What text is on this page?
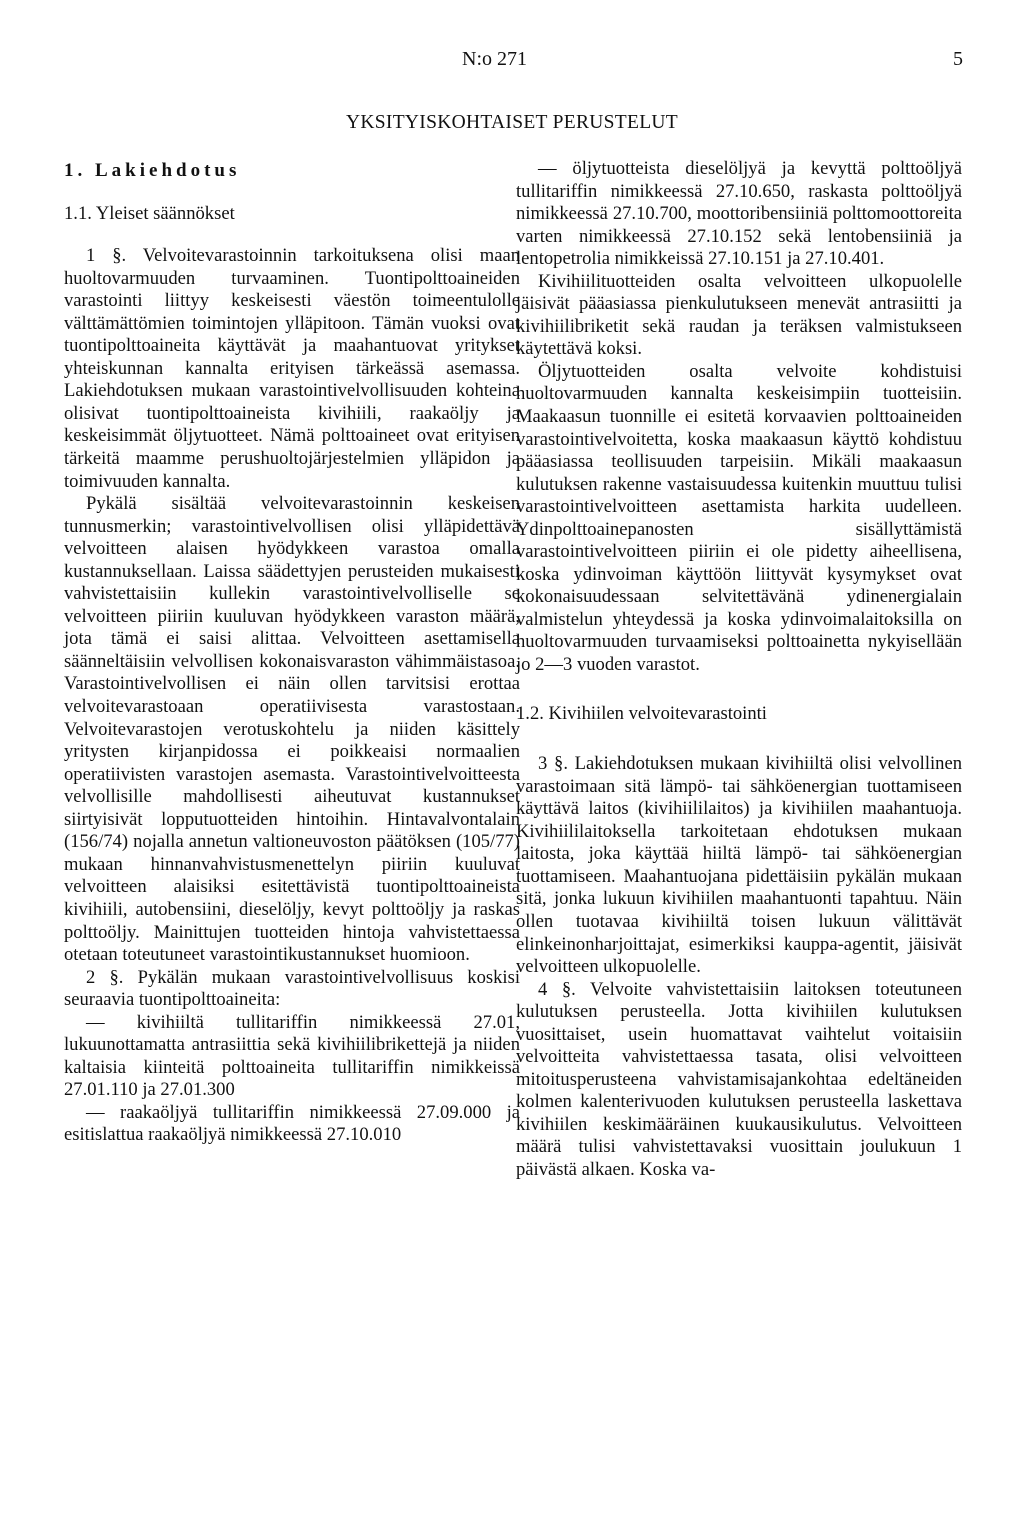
N:o 271	5
YKSITYISKOHTAISET PERUSTELUT
1. Lakiehdotus
1.1. Yleiset säännökset

1 §. Velvoitevarastoinnin tarkoituksena olisi maan huoltovarmuuden turvaaminen. Tuontipolttoaineiden varastointi liittyy keskeisesti väestön toimeentulolle välttämättömien toimintojen ylläpitoon. Tämän vuoksi ovat tuontipolttoaineita käyttävät ja maahantuovat yritykset yhteiskunnan kannalta erityisen tärkeässä asemassa. Lakiehdotuksen mukaan varastointivelvollisuuden kohteina olisivat tuontipolttoaineista kivihiili, raakaöljy ja keskeisimmät öljytuotteet. Nämä polttoaineet ovat erityisen tärkeitä maamme perushuoltojärjestelmien ylläpidon ja toimivuuden kannalta.

Pykälä sisältää velvoitevarastoinnin keskeisen tunnusmerkin; varastointivelvollisen olisi ylläpidettävä velvoitteen alaisen hyödykkeen varastoa omalla kustannuksellaan. Laissa säädettyjen perusteiden mukaisesti vahvistettaisiin kullekin varastointivelvolliselle se velvoitteen piiriin kuuluvan hyödykkeen varaston määrä, jota tämä ei saisi alittaa. Velvoitteen asettamisella säänneltäisiin velvollisen kokonaisvaraston vähimmäistasoa. Varastointivelvollisen ei näin ollen tarvitsisi erottaa velvoitevarastoaan operatiivisesta varastostaan. Velvoitevarastojen verotuskohtelu ja niiden käsittely yritysten kirjanpidossa ei poikkeaisi normaalien operatiivisten varastojen asemasta. Varastointivelvoitteesta velvollisille mahdollisesti aiheutuvat kustannukset siirtyisivät lopputuotteiden hintoihin. Hintavalvontalain (156/74) nojalla annetun valtioneuvoston päätöksen (105/77) mukaan hinnanvahvistusmenettelyn piiriin kuuluvat velvoitteen alaisiksi esitettävistä tuontipolttoaineista kivihiili, autobensiini, dieselöljy, kevyt polttoöljy ja raskas polttoöljy. Mainittujen tuotteiden hintoja vahvistettaessa otetaan toteutuneet varastointikustannukset huomioon.

2 §. Pykälän mukaan varastointivelvollisuus koskisi seuraavia tuontipolttoaineita:

— kivihiiltä tullitariffin nimikkeessä 27.01, lukuunottamatta antrasiittia sekä kivihiilibrikettejä ja niiden kaltaisia kiinteitä polttoaineita tullitariffin nimikkeissä 27.01.110 ja 27.01.300

— raakaöljyä tullitariffin nimikkeessä 27.09.000 ja esitislattua raakaöljyä nimikkeessä 27.10.010

— öljytuotteista dieselöljyä ja kevyttä polttoöljyä tullitariffin nimikkeessä 27.10.650, raskasta polttoöljyä nimikkeessä 27.10.700, moottoribensiiniä polttomoottoreita varten nimikkeessä 27.10.152 sekä lentobensiiniä ja lentopetrolia nimikkeissä 27.10.151 ja 27.10.401.

Kivihiilituotteiden osalta velvoitteen ulkopuolelle jäisivät pääasiassa pienkulutukseen menevät antrasiitti ja kivihiilibriketit sekä raudan ja teräksen valmistukseen käytettävä koksi.

Öljytuotteiden osalta velvoite kohdistuisi huoltovarmuuden kannalta keskeisimpiin tuotteisiin. Maakaasun tuonnille ei esitetä korvaavien polttoaineiden varastointivelvoitetta, koska maakaasun käyttö kohdistuu pääasiassa teollisuuden tarpeisiin. Mikäli maakaasun kulutuksen rakenne vastaisuudessa kuitenkin muuttuu tulisi varastointivelvoitteen asettamista harkita uudelleen. Ydinpolttoainepanosten sisällyttämistä varastointivelvoitteen piiriin ei ole pidetty aiheellisena, koska ydinvoiman käyttöön liittyvät kysymykset ovat kokonaisuudessaan selvitettävänä ydinenergialain valmistelun yhteydessä ja koska ydinvoimalaitoksilla on huoltovarmuuden turvaamiseksi polttoainetta nykyisellään jo 2—3 vuoden varastot.

1.2. Kivihiilen velvoitevarastointi

3 §. Lakiehdotuksen mukaan kivihiiltä olisi velvollinen varastoimaan sitä lämpö- tai sähköenergian tuottamiseen käyttävä laitos (kivihiililaitos) ja kivihiilen maahantuoja. Kivihiililaitoksella tarkoitetaan ehdotuksen mukaan laitosta, joka käyttää hiiltä lämpö- tai sähköenergian tuottamiseen. Maahantuojana pidettäisiin pykälän mukaan sitä, jonka lukuun kivihiilen maahantuonti tapahtuu. Näin ollen tuotavaa kivihiiltä toisen lukuun välittävät elinkeinonharjoittajat, esimerkiksi kauppa-agentit, jäisivät velvoitteen ulkopuolelle.

4 §. Velvoite vahvistettaisiin laitoksen toteutuneen kulutuksen perusteella. Jotta kivihiilen kulutuksen vuosittaiset, usein huomattavat vaihtelut voitaisiin velvoitteita vahvistettaessa tasata, olisi velvoitteen mitoitusperusteena vahvistamisajankohtaa edeltäneiden kolmen kalenterivuoden kulutuksen perusteella laskettava kivihiilen keskimääräinen kuukausikulutus. Velvoitteen määrä tulisi vahvistettavaksi vuosittain joulukuun 1 päivästä alkaen. Koska va-
